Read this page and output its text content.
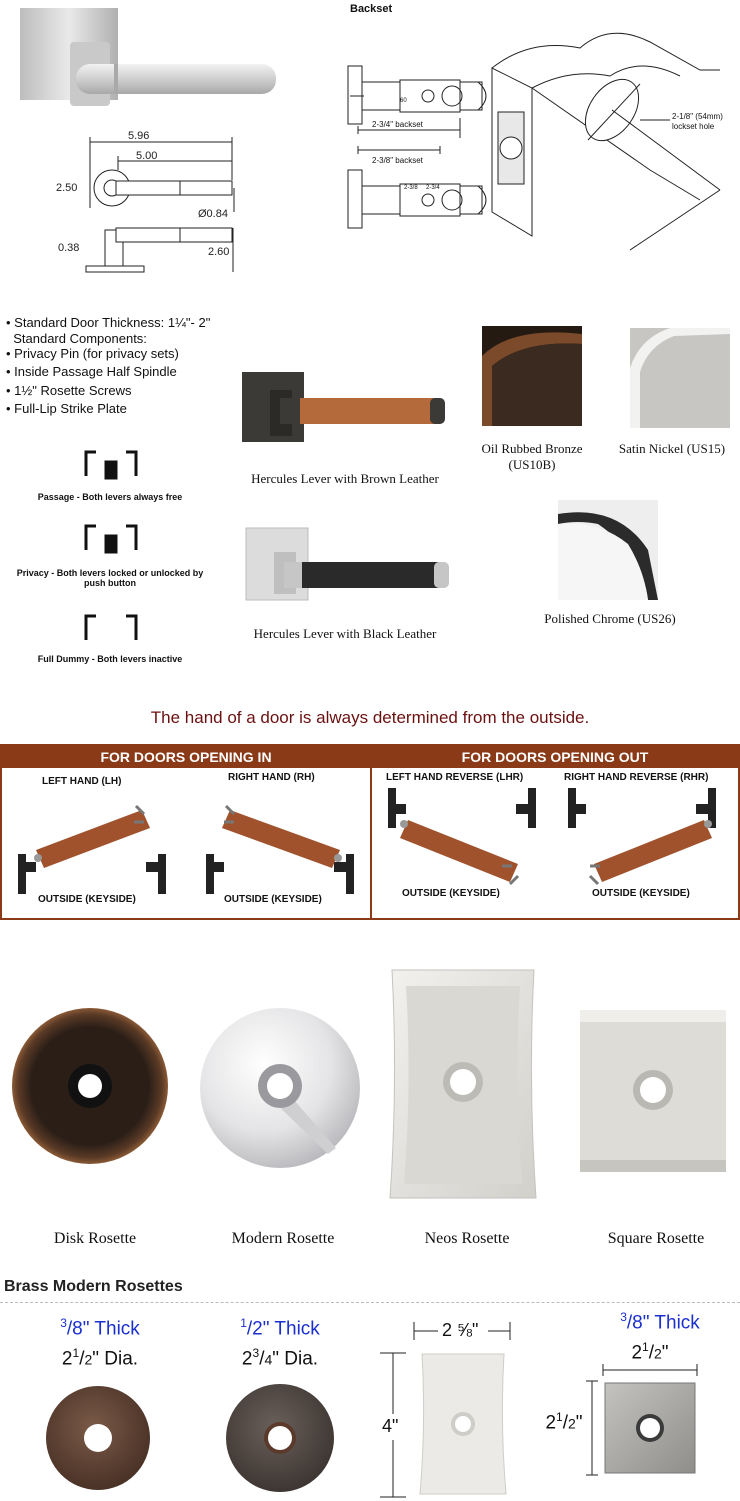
5.96
5.00
2.50
Ø0.84
0.38	2.60
Backset
2-3/4" backset
2-3/8" backset
2-1/8" (54mm)
lockset hole
60
2-3/8 2-3/4
• Standard Door Thickness: 1¼"- 2"
Standard Components:
• Privacy Pin (for privacy sets)
• Inside Passage Half Spindle
• 1½" Rosette Screws
• Full-Lip Strike Plate
Passage - Both levers always free
Privacy - Both levers locked or unlocked by push button
Full Dummy - Both levers inactive
Hercules Lever with Brown Leather
Hercules Lever with Black Leather
Oil Rubbed Bronze (US10B)
Satin Nickel (US15)
Polished Chrome (US26)
The hand of a door is always determined from the outside.
FOR DOORS OPENING IN
LEFT HAND (LH)	RIGHT HAND (RH)
OUTSIDE (KEYSIDE)	OUTSIDE (KEYSIDE)
FOR DOORS OPENING OUT
LEFT HAND REVERSE (LHR)	RIGHT HAND REVERSE (RHR)
OUTSIDE (KEYSIDE)	OUTSIDE (KEYSIDE)
Disk Rosette	Modern Rosette	Neos Rosette	Square Rosette
Brass Modern Rosettes
$^3$/8" Thick
$2^1/2$" Dia.
$^1$/2" Thick
$2^3/4$" Dia.
2 ⅝"
4"
$^3$/8" Thick
$2^1/2$"
$2^1/2$"
